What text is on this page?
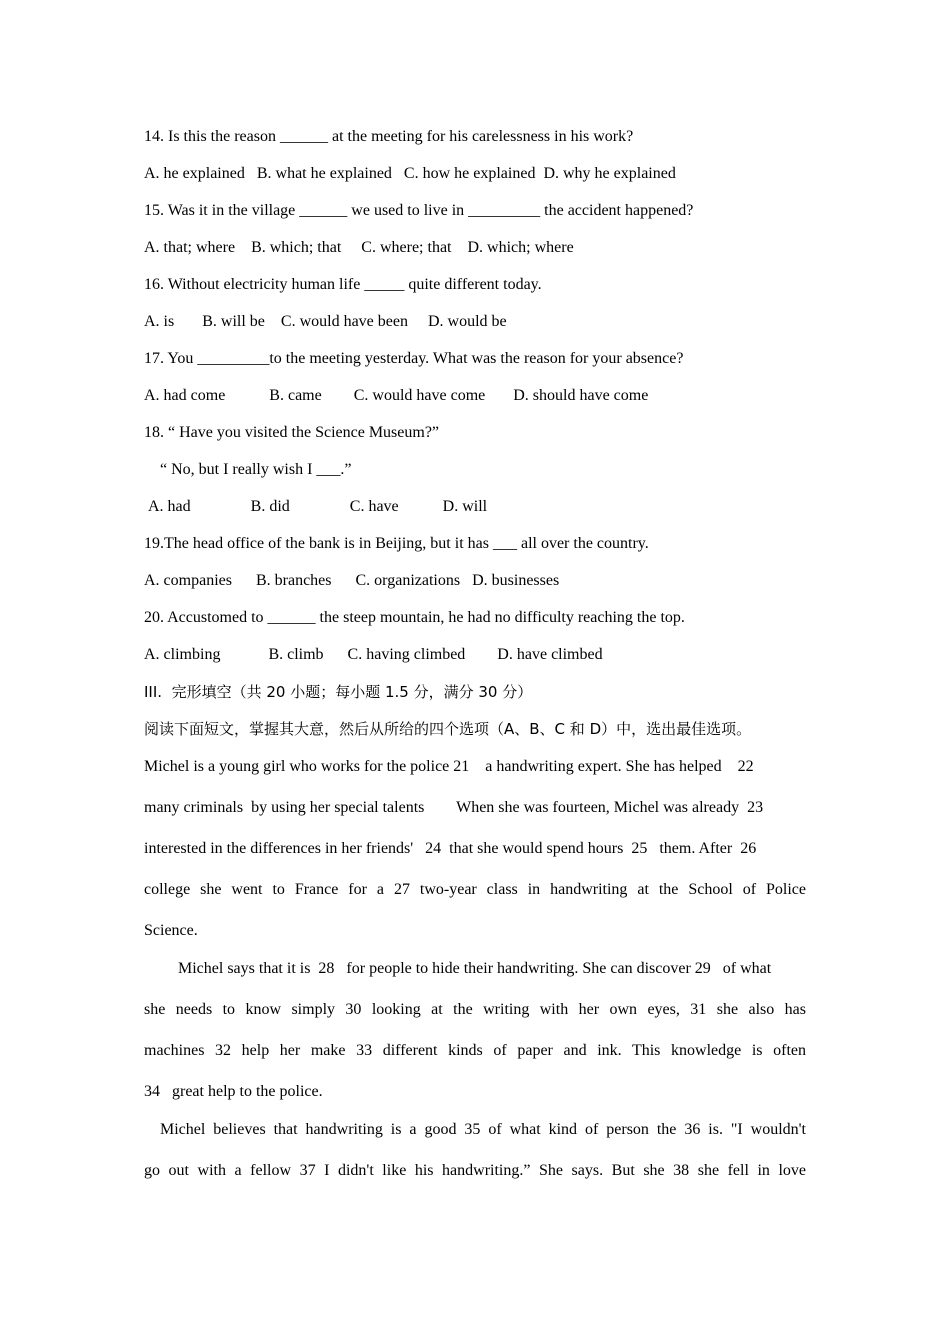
14. Is this the reason ______ at the meeting for his carelessness in his work?
A. he explained   B. what he explained   C. how he explained  D. why he explained
15. Was it in the village ______ we used to live in _________ the accident happened?
A. that; where    B. which; that     C. where; that    D. which; where
16. Without electricity human life _____ quite different today.
A. is       B. will be    C. would have been     D. would be
17. You _________to the meeting yesterday. What was the reason for your absence?
A. had come           B. came        C. would have come       D. should have come
18. “ Have you visited the Science Museum?”
“ No, but I really wish I ___.”
A. had               B. did               C. have           D. will
19.The head office of the bank is in Beijing, but it has ___ all over the country.
A. companies      B. branches      C. organizations   D. businesses
20. Accustomed to ______ the steep mountain, he had no difficulty reaching the top.
A. climbing            B. climb      C. having climbed        D. have climbed
III.  完形填空（共 20 小题；每小题 1.5 分，满分 30 分）
阅读下面短文，掌握其大意，然后从所给的四个选项（A、B、C 和 D）中，选出最佳选项。
Michel is a young girl who works for the police 21    a handwriting expert. She has helped    22
many criminals  by using her special talents        When she was fourteen, Michel was already  23
interested in the differences in her friends'   24  that she would spend hours  25   them. After  26
college she went to France for a 27 two-year class in handwriting at the School of Police
Science.
Michel says that it is  28   for people to hide their handwriting. She can discover 29   of what
she needs to know simply 30 looking at the writing with her own eyes, 31 she also has
machines 32 help her make 33 different kinds of paper and ink. This knowledge is often
34   great help to the police.
Michel believes that handwriting is a good 35 of what kind of person the 36 is. "I wouldn't
go out with a fellow 37 I didn't like his handwriting.” She says. But she 38 she fell in love
